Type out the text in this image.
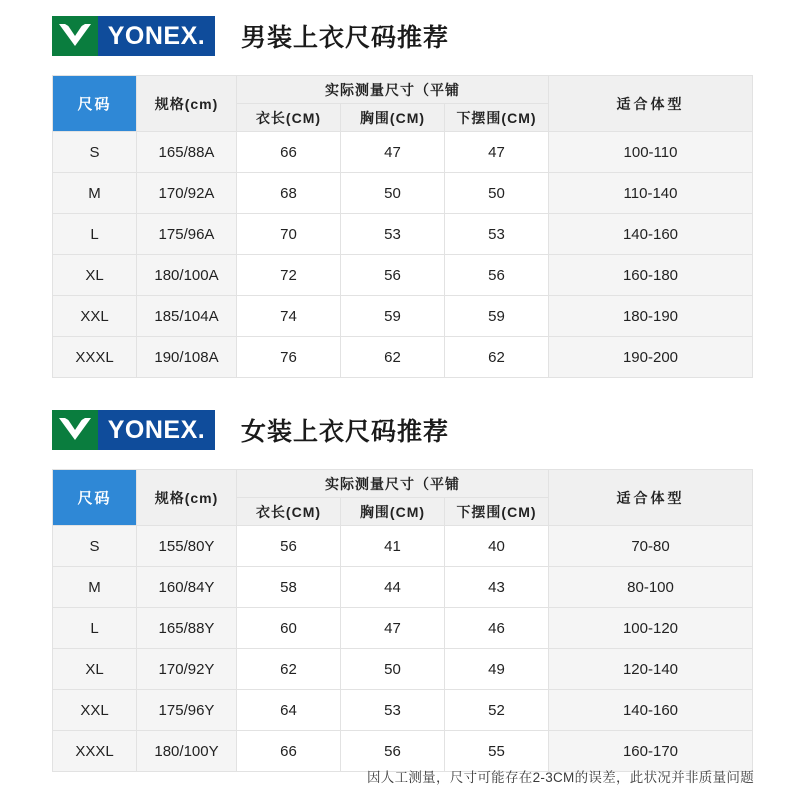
YONEX . 男装上衣尺码推荐
尺码	规格(cm)	实际测量尺寸（平铺			适合体型
		衣长(CM)	胸围(CM)	下摆围(CM)	
S	165/88A	66	47	47	100-110
M	170/92A	68	50	50	110-140
L	175/96A	70	53	53	140-160
XL	180/100A	72	56	56	160-180
XXL	185/104A	74	59	59	180-190
XXXL	190/108A	76	62	62	190-200
YONEX . 女装上衣尺码推荐
尺码	规格(cm)	实际测量尺寸（平铺			适合体型
		衣长(CM)	胸围(CM)	下摆围(CM)	
S	155/80Y	56	41	40	70-80
M	160/84Y	58	44	43	80-100
L	165/88Y	60	47	46	100-120
XL	170/92Y	62	50	49	120-140
XXL	175/96Y	64	53	52	140-160
XXXL	180/100Y	66	56	55	160-170
因人工测量，尺寸可能存在2-3CM的误差，此状况并非质量问题
